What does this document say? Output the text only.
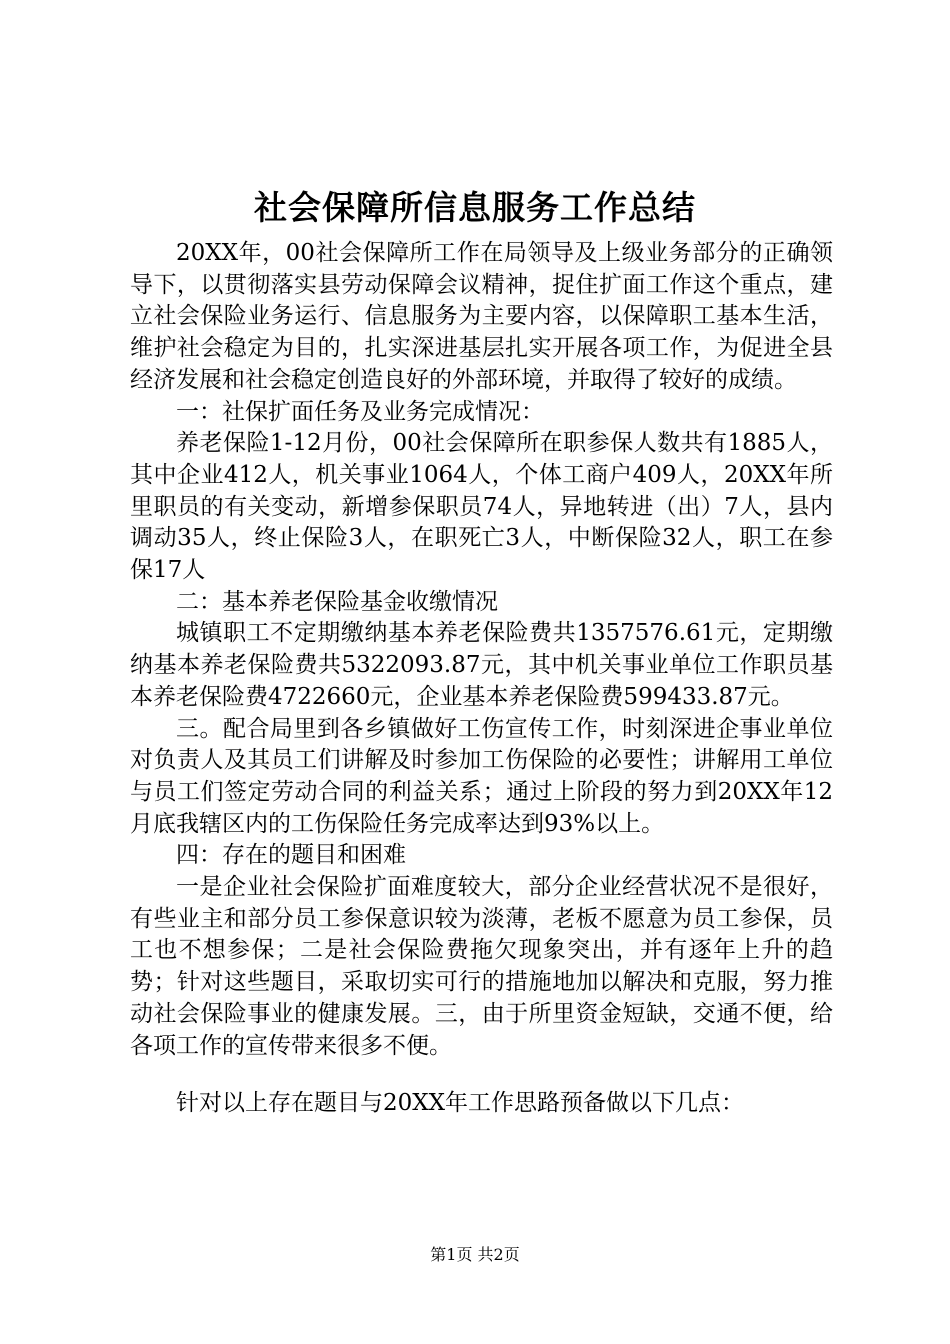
社会保障所信息服务工作总结

20XX年，00社会保障所工作在局领导及上级业务部分的正确领导下，以贯彻落实县劳动保障会议精神，捉住扩面工作这个重点，建立社会保险业务运行、信息服务为主要内容，以保障职工基本生活，维护社会稳定为目的，扎实深进基层扎实开展各项工作，为促进全县经济发展和社会稳定创造良好的外部环境，并取得了较好的成绩。

一：社保扩面任务及业务完成情况：

养老保险1-12月份，00社会保障所在职参保人数共有1885人，其中企业412人，机关事业1064人，个体工商户409人，20XX年所里职员的有关变动，新增参保职员74人，异地转进（出）7人，县内调动35人，终止保险3人，在职死亡3人，中断保险32人，职工在参保17人

二：基本养老保险基金收缴情况

城镇职工不定期缴纳基本养老保险费共1357576.61元，定期缴纳基本养老保险费共5322093.87元，其中机关事业单位工作职员基本养老保险费4722660元，企业基本养老保险费599433.87元。

三。配合局里到各乡镇做好工伤宣传工作，时刻深进企事业单位对负责人及其员工们讲解及时参加工伤保险的必要性；讲解用工单位与员工们签定劳动合同的利益关系；通过上阶段的努力到20XX年12月底我辖区内的工伤保险任务完成率达到93%以上。

四：存在的题目和困难

一是企业社会保险扩面难度较大，部分企业经营状况不是很好，有些业主和部分员工参保意识较为淡薄，老板不愿意为员工参保，员工也不想参保；二是社会保险费拖欠现象突出，并有逐年上升的趋势；针对这些题目，采取切实可行的措施地加以解决和克服，努力推动社会保险事业的健康发展。三，由于所里资金短缺，交通不便，给各项工作的宣传带来很多不便。

针对以上存在题目与20XX年工作思路预备做以下几点：

第1页 共2页
